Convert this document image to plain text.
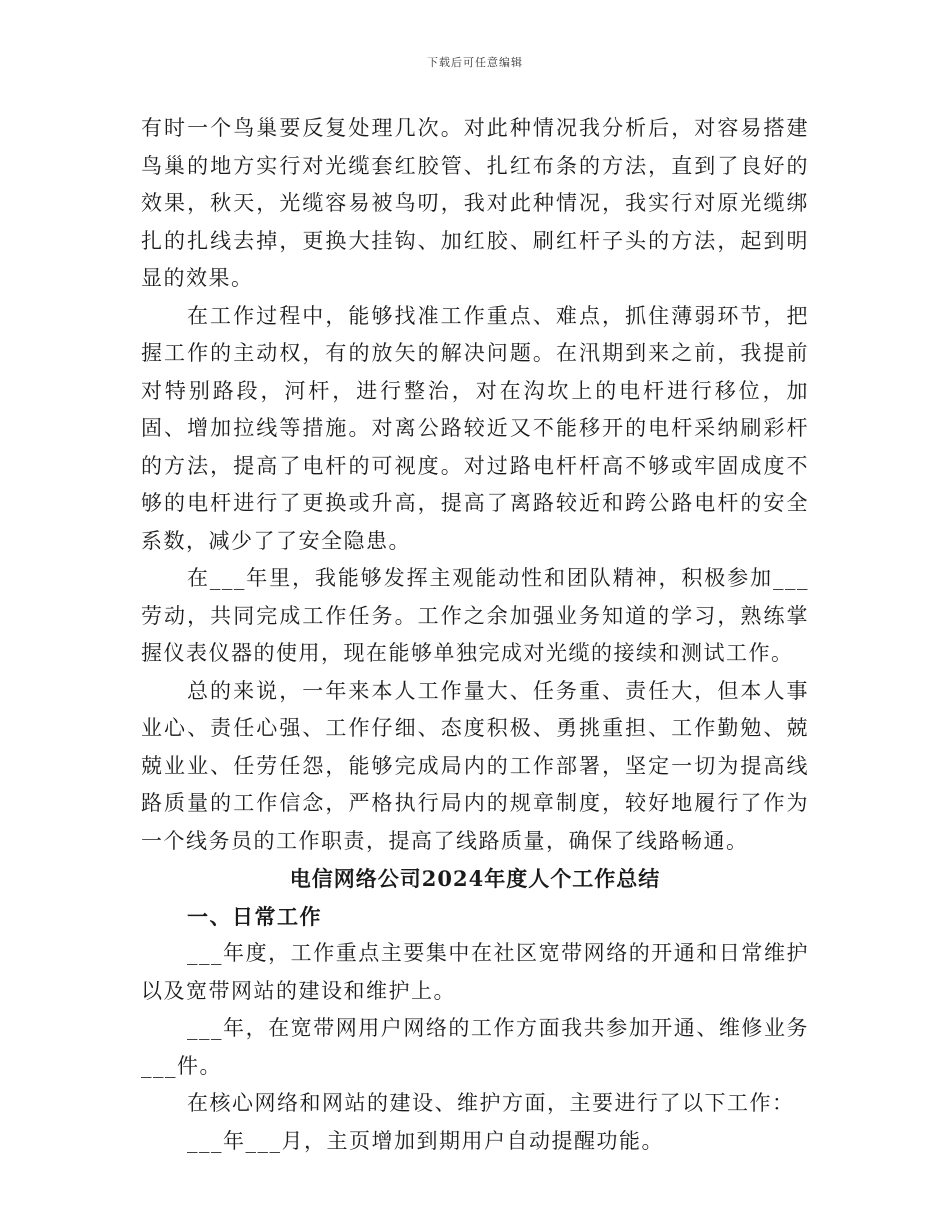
下载后可任意编辑

有时一个鸟巢要反复处理几次。对此种情况我分析后，对容易搭建鸟巢的地方实行对光缆套红胶管、扎红布条的方法，直到了良好的效果，秋天，光缆容易被鸟叨，我对此种情况，我实行对原光缆绑扎的扎线去掉，更换大挂钩、加红胶、刷红杆子头的方法，起到明显的效果。

在工作过程中，能够找准工作重点、难点，抓住薄弱环节，把握工作的主动权，有的放矢的解决问题。在汛期到来之前，我提前对特别路段，河杆，进行整治，对在沟坎上的电杆进行移位，加固、增加拉线等措施。对离公路较近又不能移开的电杆采纳刷彩杆的方法，提高了电杆的可视度。对过路电杆杆高不够或牢固成度不够的电杆进行了更换或升高，提高了离路较近和跨公路电杆的安全系数，减少了了安全隐患。

在___年里，我能够发挥主观能动性和团队精神，积极参加___劳动，共同完成工作任务。工作之余加强业务知道的学习，熟练掌握仪表仪器的使用，现在能够单独完成对光缆的接续和测试工作。

总的来说，一年来本人工作量大、任务重、责任大，但本人事业心、责任心强、工作仔细、态度积极、勇挑重担、工作勤勉、兢兢业业、任劳任怨，能够完成局内的工作部署，坚定一切为提高线路质量的工作信念，严格执行局内的规章制度，较好地履行了作为一个线务员的工作职责，提高了线路质量，确保了线路畅通。

电信网络公司2024年度人个工作总结

一、日常工作

___年度，工作重点主要集中在社区宽带网络的开通和日常维护以及宽带网站的建设和维护上。

___年，在宽带网用户网络的工作方面我共参加开通、维修业务___件。

在核心网络和网站的建设、维护方面，主要进行了以下工作：

___年___月，主页增加到期用户自动提醒功能。
